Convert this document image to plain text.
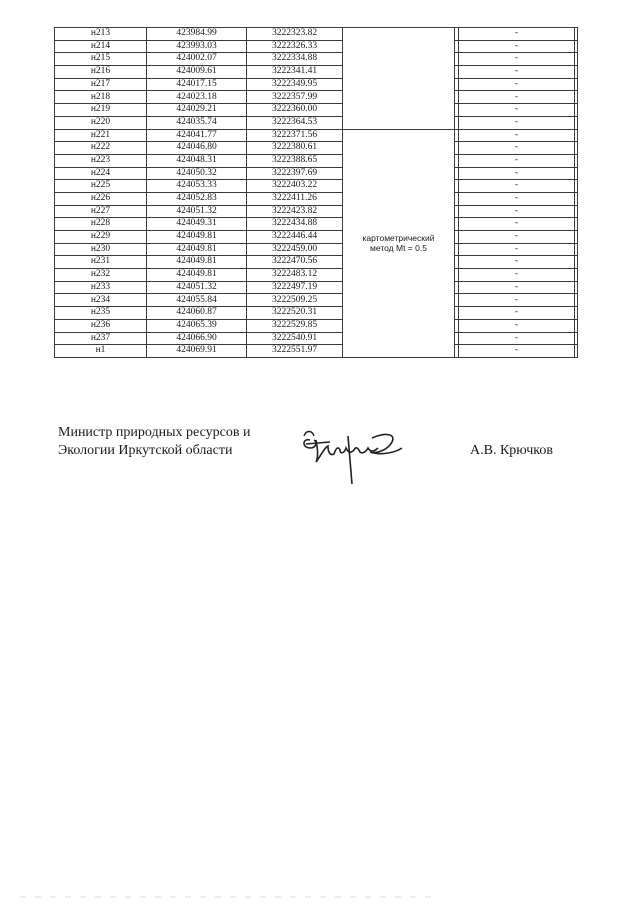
н213	423984.99	3222323.82			-	
н214	423993.03	3222326.33			-	
н215	424002.07	3222334.88			-	
н216	424009.61	3222341.41			-	
н217	424017.15	3222349.95			-	
н218	424023.18	3222357.99			-	
н219	424029.21	3222360.00			-	
н220	424035.74	3222364.53			-	
н221	424041.77	3222371.56	картометрический
метод Mt = 0.5		-	
н222	424046.80	3222380.61			-	
н223	424048.31	3222388.65			-	
н224	424050.32	3222397.69			-	
н225	424053.33	3222403.22			-	
н226	424052.83	3222411.26			-	
н227	424051.32	3222423.82			-	
н228	424049.31	3222434.88			-	
н229	424049.81	3222446.44			-	
н230	424049.81	3222459.00			-	
н231	424049.81	3222470.56			-	
н232	424049.81	3222483.12			-	
н233	424051.32	3222497.19			-	
н234	424055.84	3222509.25			-	
н235	424060.87	3222520.31			-	
н236	424065.39	3222529.85			-	
н237	424066.90	3222540.91			-	
н1	424069.91	3222551.97			-	
Министр природных ресурсов и
Экологии Иркутской области	А.В. Крючков
